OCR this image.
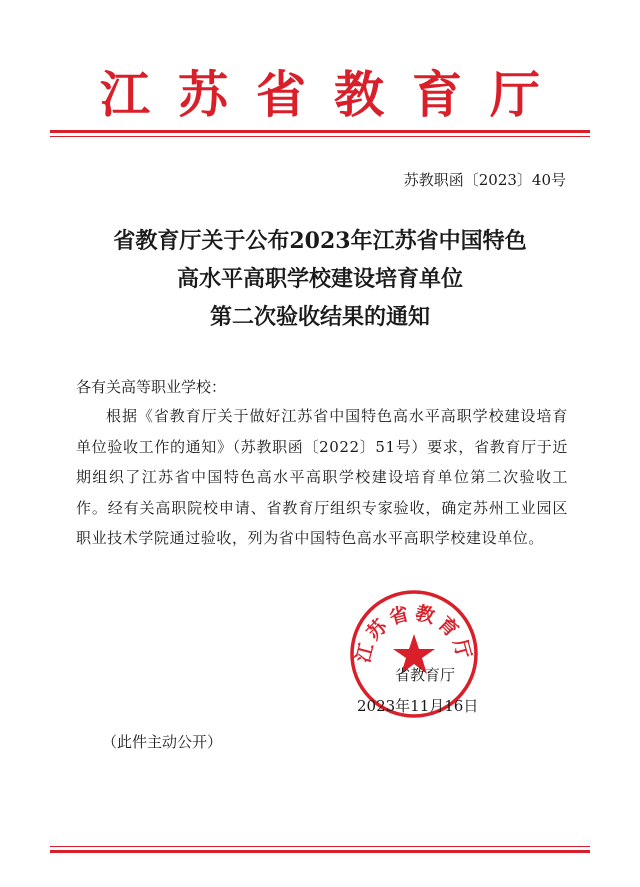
江苏省教育厅
苏教职函〔2023〕40号
省教育厅关于公布2023年江苏省中国特色
高水平高职学校建设培育单位
第二次验收结果的通知
各有关高等职业学校：

根据《省教育厅关于做好江苏省中国特色高水平高职学校建设培育单位验收工作的通知》（苏教职函〔2022〕51号）要求，省教育厅于近期组织了江苏省中国特色高水平高职学校建设培育单位第二次验收工作。经有关高职院校申请、省教育厅组织专家验收，确定苏州工业园区职业技术学院通过验收，列为省中国特色高水平高职学校建设单位。

江苏省教育厅
省教育厅
2023年11月16日
（此件主动公开）
